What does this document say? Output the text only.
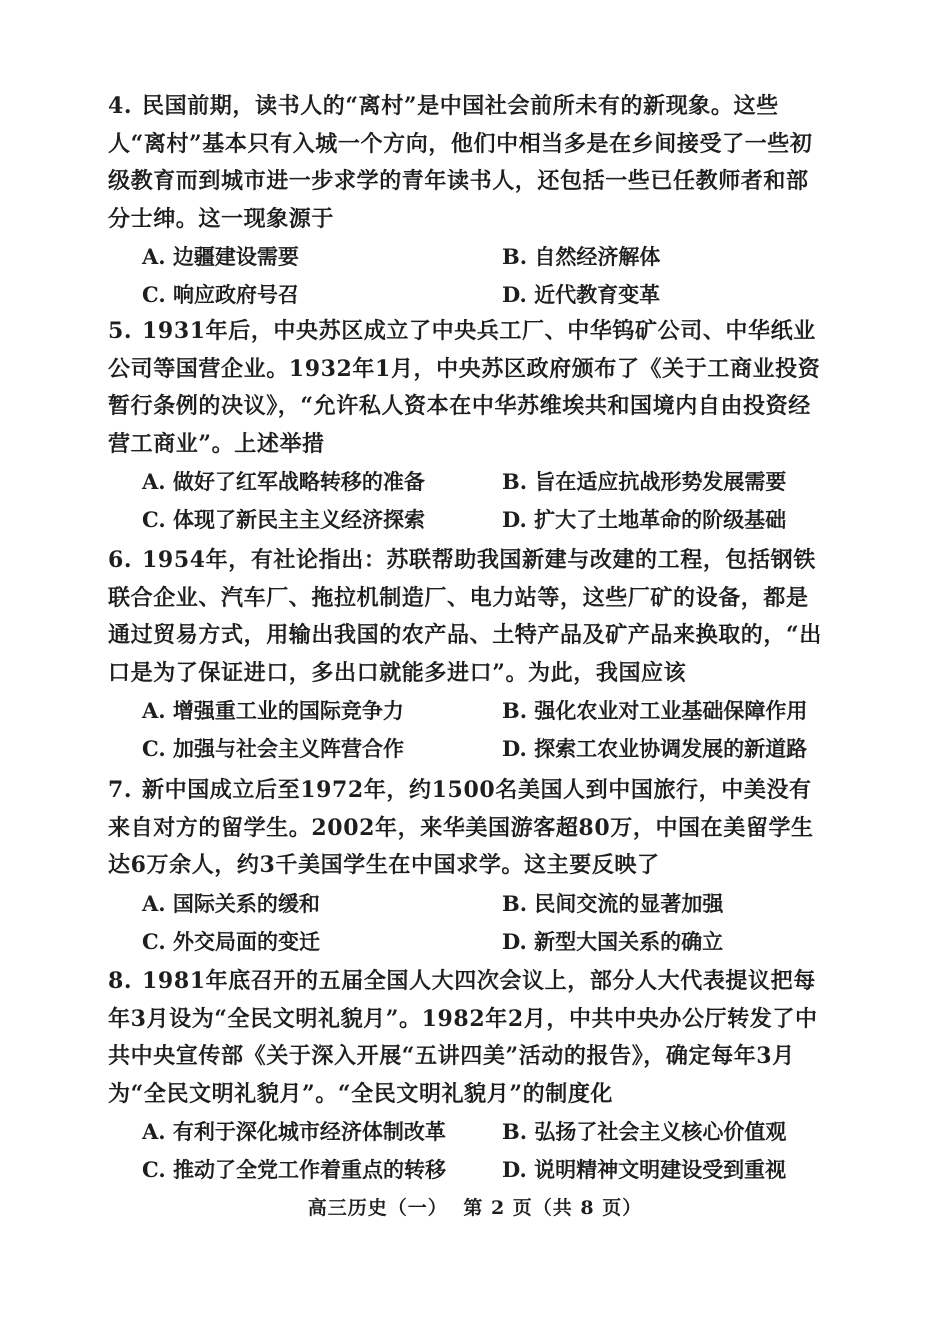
4. 民国前期，读书人的“离村”是中国社会前所未有的新现象。这些人“离村”基本只有入城一个方向，他们中相当多是在乡间接受了一些初级教育而到城市进一步求学的青年读书人，还包括一些已任教师者和部分士绅。这一现象源于
A. 边疆建设需要	B. 自然经济解体
C. 响应政府号召	D. 近代教育变革
5. 1931年后，中央苏区成立了中央兵工厂、中华钨矿公司、中华纸业公司等国营企业。1932年1月，中央苏区政府颁布了《关于工商业投资暂行条例的决议》，“允许私人资本在中华苏维埃共和国境内自由投资经营工商业”。上述举措
A. 做好了红军战略转移的准备	B. 旨在适应抗战形势发展需要
C. 体现了新民主主义经济探索	D. 扩大了土地革命的阶级基础
6. 1954年，有社论指出：苏联帮助我国新建与改建的工程，包括钢铁联合企业、汽车厂、拖拉机制造厂、电力站等，这些厂矿的设备，都是通过贸易方式，用输出我国的农产品、土特产品及矿产品来换取的，“出口是为了保证进口，多出口就能多进口”。为此，我国应该
A. 增强重工业的国际竞争力	B. 强化农业对工业基础保障作用
C. 加强与社会主义阵营合作	D. 探索工农业协调发展的新道路
7. 新中国成立后至1972年，约1500名美国人到中国旅行，中美没有来自对方的留学生。2002年，来华美国游客超80万，中国在美留学生达6万余人，约3千美国学生在中国求学。这主要反映了
A. 国际关系的缓和	B. 民间交流的显著加强
C. 外交局面的变迁	D. 新型大国关系的确立
8. 1981年底召开的五届全国人大四次会议上，部分人大代表提议把每年3月设为“全民文明礼貌月”。1982年2月，中共中央办公厅转发了中共中央宣传部《关于深入开展“五讲四美”活动的报告》，确定每年3月为“全民文明礼貌月”。“全民文明礼貌月”的制度化
A. 有利于深化城市经济体制改革	B. 弘扬了社会主义核心价值观
C. 推动了全党工作着重点的转移	D. 说明精神文明建设受到重视
高三历史（一） 第 2 页（共 8 页）
